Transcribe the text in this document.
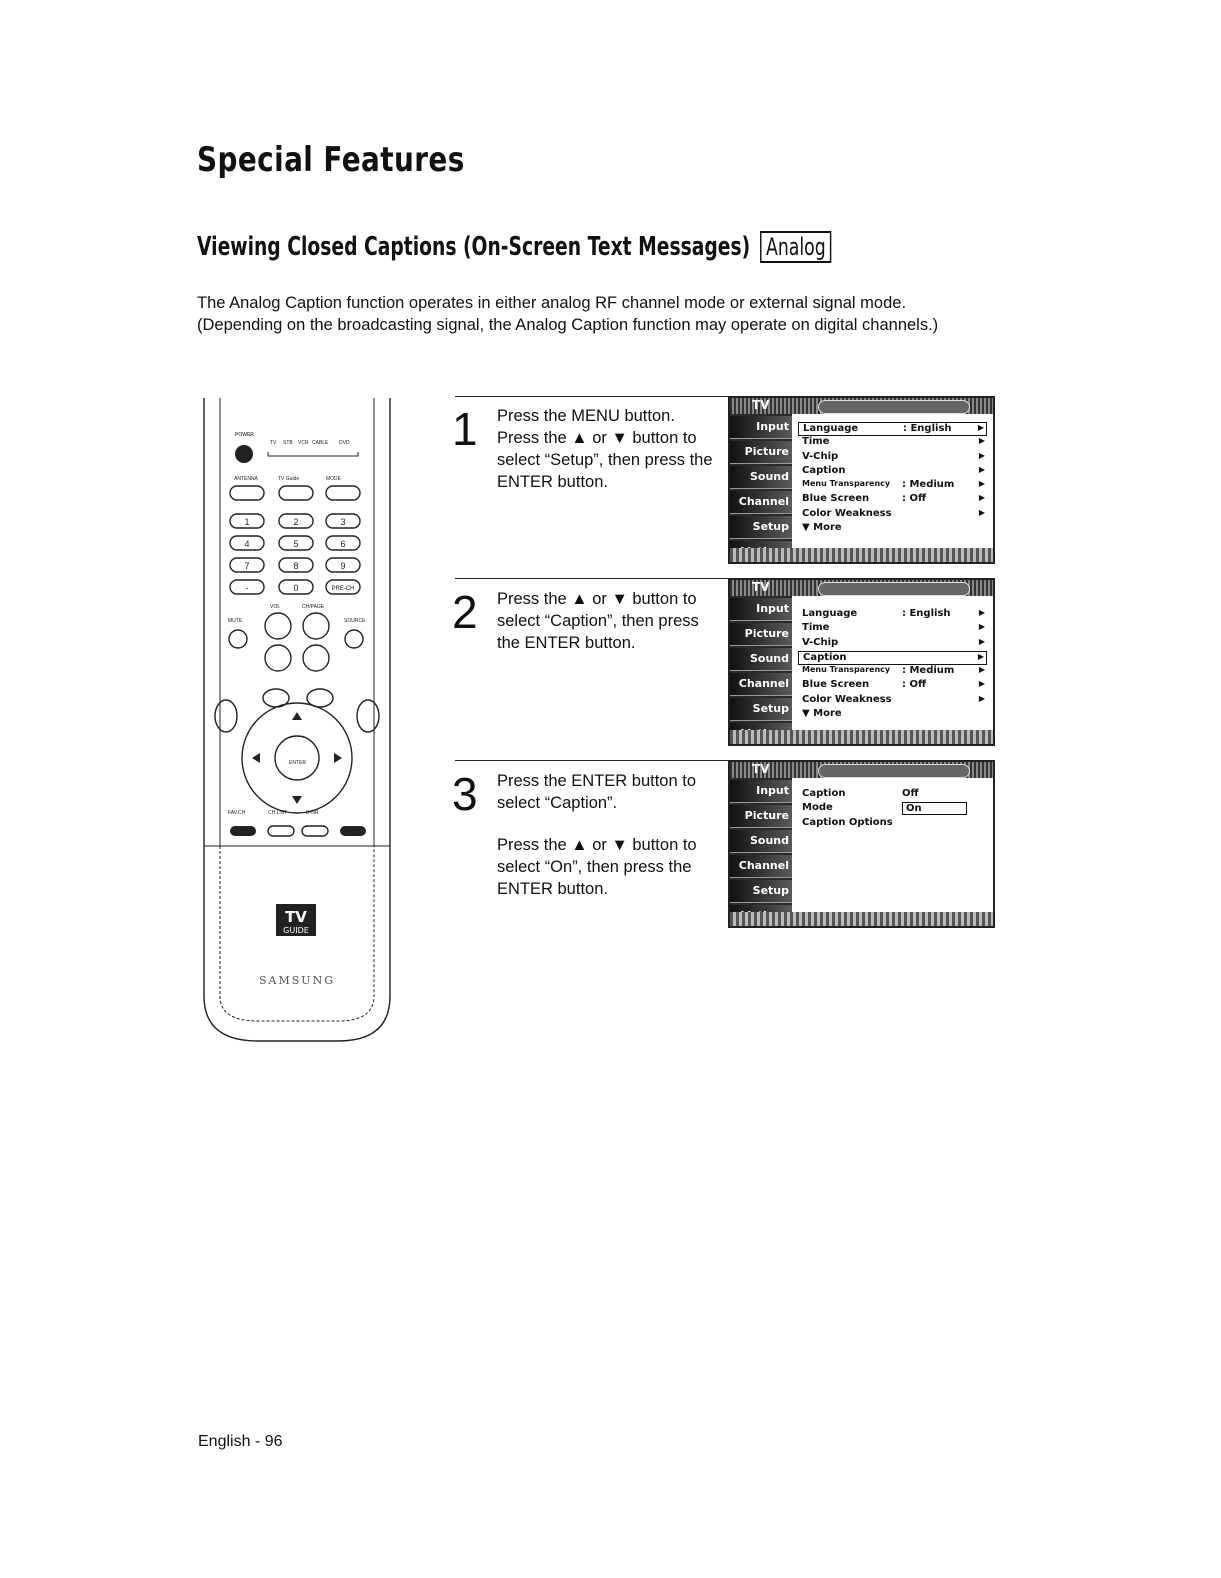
Special Features
Viewing Closed Captions (On-Screen Text Messages) Analog
The Analog Caption function operates in either analog RF channel mode or external signal mode. (Depending on the broadcasting signal, the Analog Caption function may operate on digital channels.)
POWER
TV STB VCR CABLE DVD
ANTENNA	TV Guide	MODE
1	2	3
4	5	6
7	8	9
-	0	PRE-CH
VOL	CH/PAGE
MUTE	SOURCE
FAV.CH	CH LIST	D-NR
ENTER
TV
GUIDE
SAMSUNG
1 Press the MENU button. Press the ▲ or ▼ button to select “Setup”, then press the ENTER button.

TV
Input
Picture
Sound
Channel
Setup
Language	: English	▶
Time	▶
V-Chip	▶
Caption	▶
Menu Transparency : Medium	▶
Blue Screen	: Off	▶
Color Weakness	▶
▼ More
2 Press the ▲ or ▼ button to select “Caption”, then press the ENTER button.

TV
Input
Picture
Sound
Channel
Setup
Language	: English	▶
Time	▶
V-Chip	▶
Caption	▶
Menu Transparency : Medium	▶
Blue Screen	: Off	▶
Color Weakness	▶
▼ More
3 Press the ENTER button to select “Caption”.

Press the ▲ or ▼ button to select “On”, then press the ENTER button.

TV
Input
Picture
Sound
Channel
Setup
Caption	Off
Mode	On
Caption Options
English - 96
